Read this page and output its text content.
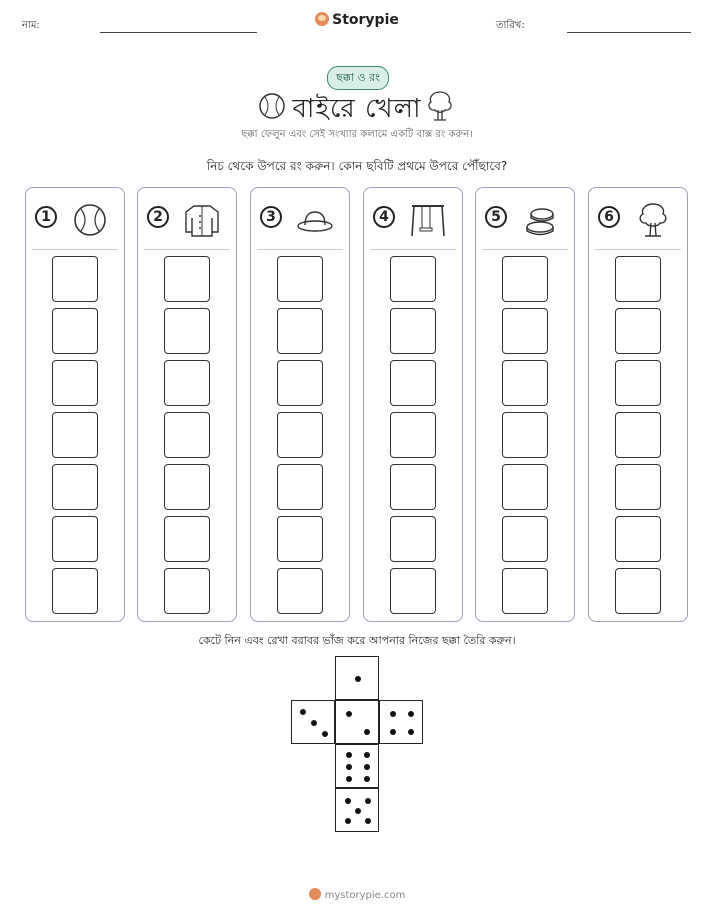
নাম:	Storypie	তারিখ:
ছক্কা ও রং
বাইরে খেলা
ছক্কা ফেলুন এবং সেই সংখ্যার কলামে একটি বাক্স রং করুন।
নিচ থেকে উপরে রং করুন। কোন ছবিটি প্রথমে উপরে পৌঁছাবে?
1	2	3	4	5	6
কেটে নিন এবং রেখা বরাবর ভাঁজ করে আপনার নিজের ছক্কা তৈরি করুন।
mystorypie.com
